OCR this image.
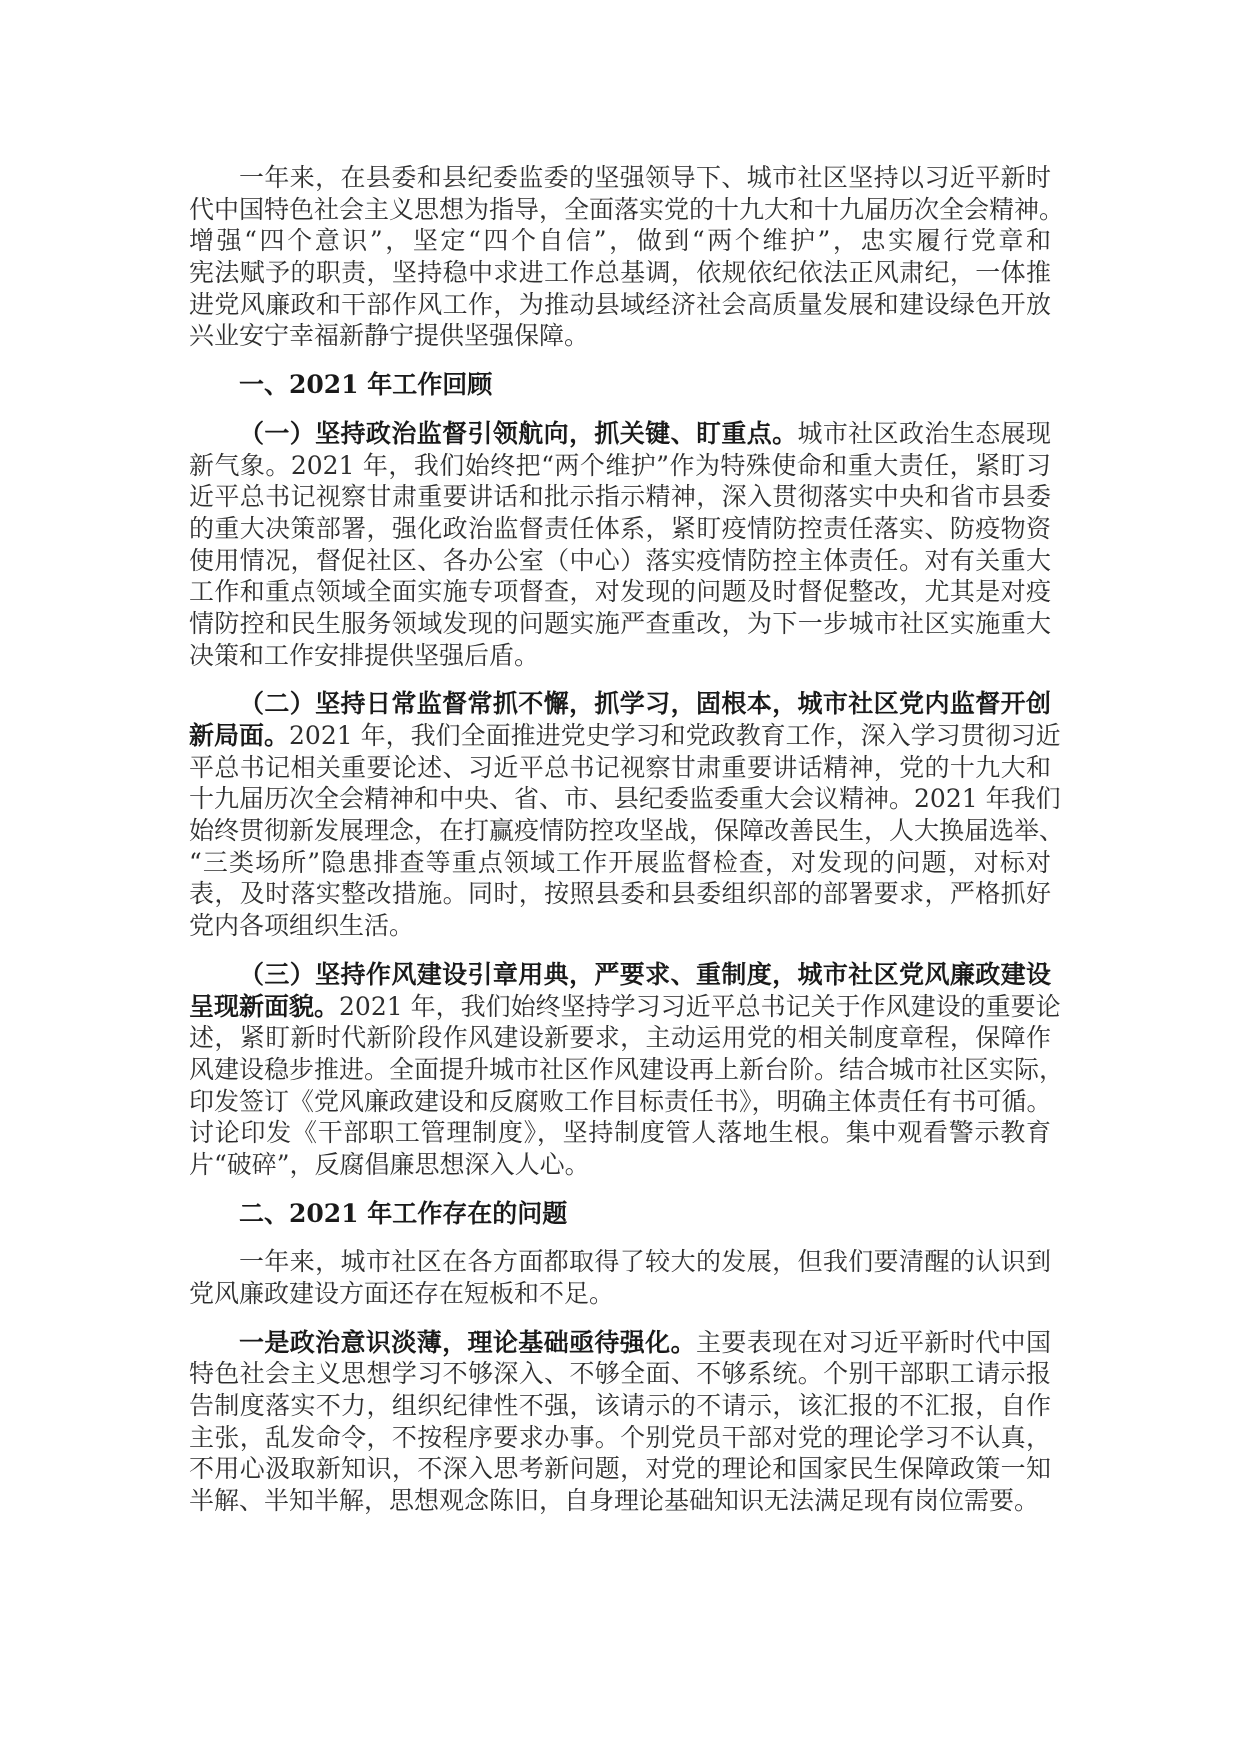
一年来，在县委和县纪委监委的坚强领导下、城市社区坚持以习近平新时
代中国特色社会主义思想为指导，全面落实党的十九大和十九届历次全会精神。
增强“四个意识”，坚定“四个自信”，做到“两个维护”，忠实履行党章和
宪法赋予的职责，坚持稳中求进工作总基调，依规依纪依法正风肃纪，一体推
进党风廉政和干部作风工作，为推动县域经济社会高质量发展和建设绿色开放
兴业安宁幸福新静宁提供坚强保障。
一、2021 年工作回顾
（一）坚持政治监督引领航向，抓关键、盯重点。城市社区政治生态展现
新气象。2021 年，我们始终把“两个维护”作为特殊使命和重大责任，紧盯习
近平总书记视察甘肃重要讲话和批示指示精神，深入贯彻落实中央和省市县委
的重大决策部署，强化政治监督责任体系，紧盯疫情防控责任落实、防疫物资
使用情况，督促社区、各办公室（中心）落实疫情防控主体责任。对有关重大
工作和重点领域全面实施专项督查，对发现的问题及时督促整改，尤其是对疫
情防控和民生服务领域发现的问题实施严查重改，为下一步城市社区实施重大
决策和工作安排提供坚强后盾。
（二）坚持日常监督常抓不懈，抓学习，固根本，城市社区党内监督开创
新局面。2021 年，我们全面推进党史学习和党政教育工作，深入学习贯彻习近
平总书记相关重要论述、习近平总书记视察甘肃重要讲话精神，党的十九大和
十九届历次全会精神和中央、省、市、县纪委监委重大会议精神。2021 年我们
始终贯彻新发展理念，在打赢疫情防控攻坚战，保障改善民生，人大换届选举、
“三类场所”隐患排查等重点领域工作开展监督检查，对发现的问题，对标对
表，及时落实整改措施。同时，按照县委和县委组织部的部署要求，严格抓好
党内各项组织生活。
（三）坚持作风建设引章用典，严要求、重制度，城市社区党风廉政建设
呈现新面貌。2021 年，我们始终坚持学习习近平总书记关于作风建设的重要论
述，紧盯新时代新阶段作风建设新要求，主动运用党的相关制度章程，保障作
风建设稳步推进。全面提升城市社区作风建设再上新台阶。结合城市社区实际，
印发签订《党风廉政建设和反腐败工作目标责任书》，明确主体责任有书可循。
讨论印发《干部职工管理制度》，坚持制度管人落地生根。集中观看警示教育
片“破碎”，反腐倡廉思想深入人心。
二、2021 年工作存在的问题
一年来，城市社区在各方面都取得了较大的发展，但我们要清醒的认识到
党风廉政建设方面还存在短板和不足。
一是政治意识淡薄，理论基础亟待强化。主要表现在对习近平新时代中国
特色社会主义思想学习不够深入、不够全面、不够系统。个别干部职工请示报
告制度落实不力，组织纪律性不强，该请示的不请示，该汇报的不汇报，自作
主张，乱发命令，不按程序要求办事。个别党员干部对党的理论学习不认真，
不用心汲取新知识，不深入思考新问题，对党的理论和国家民生保障政策一知
半解、半知半解，思想观念陈旧，自身理论基础知识无法满足现有岗位需要。
